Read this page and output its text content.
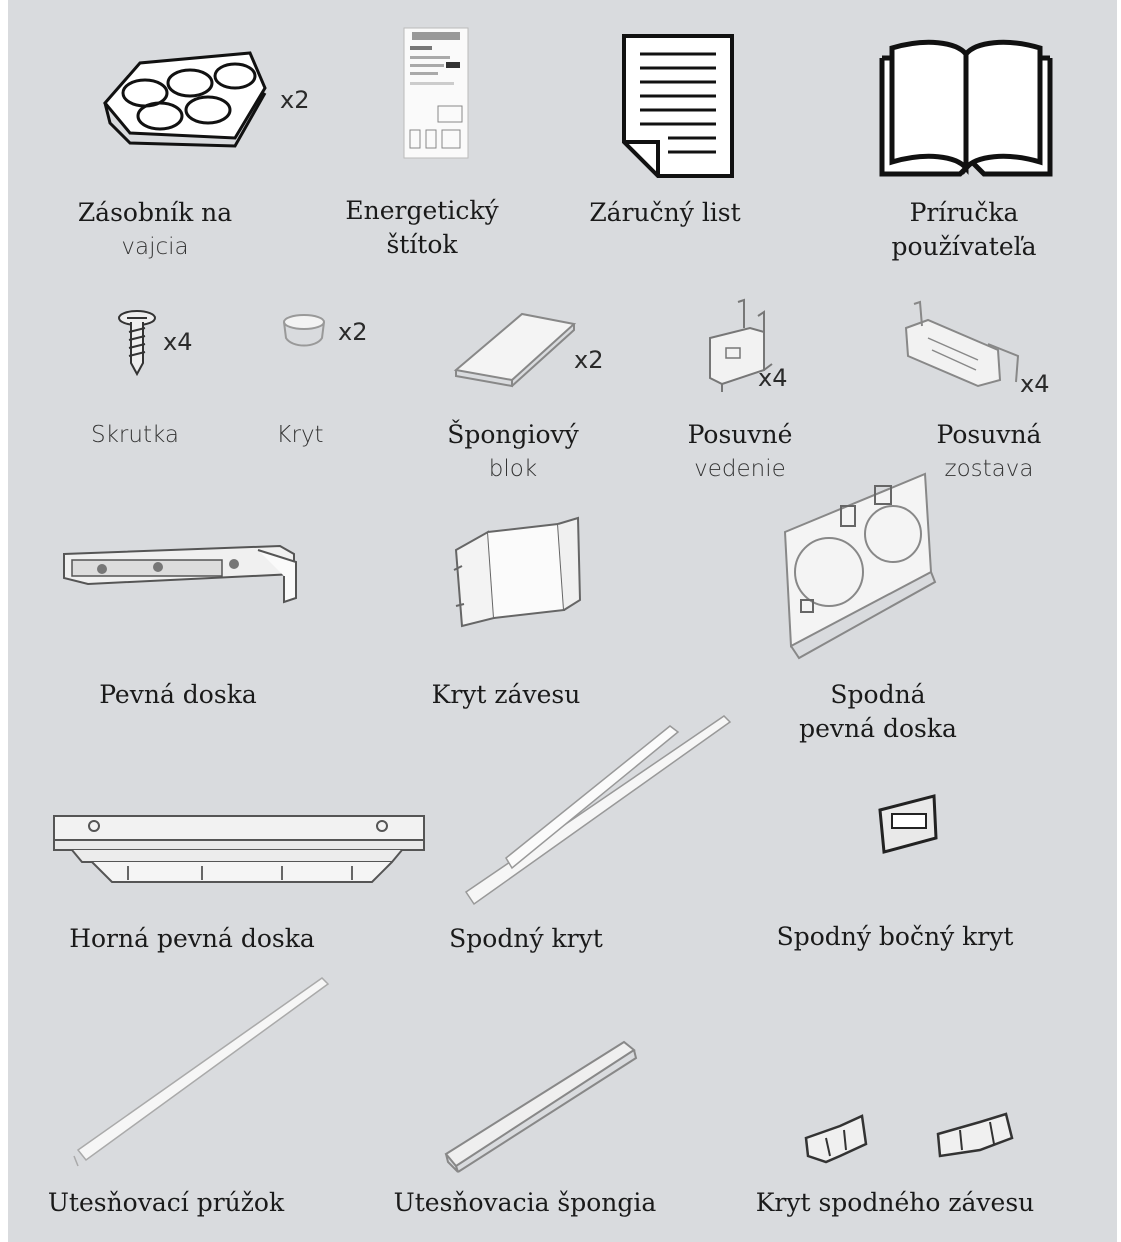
x2
x4	x2
x2
x4	x4
Zásobník na
vajcia
Energetický
štítok
Záručný list	Príručka
používateľa
Skrutka	Kryt	Špongiový
blok
Posuvné
vedenie
Posuvná
zostava
Pevná doska	Kryt závesu	Spodná
pevná doska
Horná pevná doska	Spodný kryt	Spodný bočný kryt
Utesňovací prúžok	Utesňovacia špongia	Kryt spodného závesu
